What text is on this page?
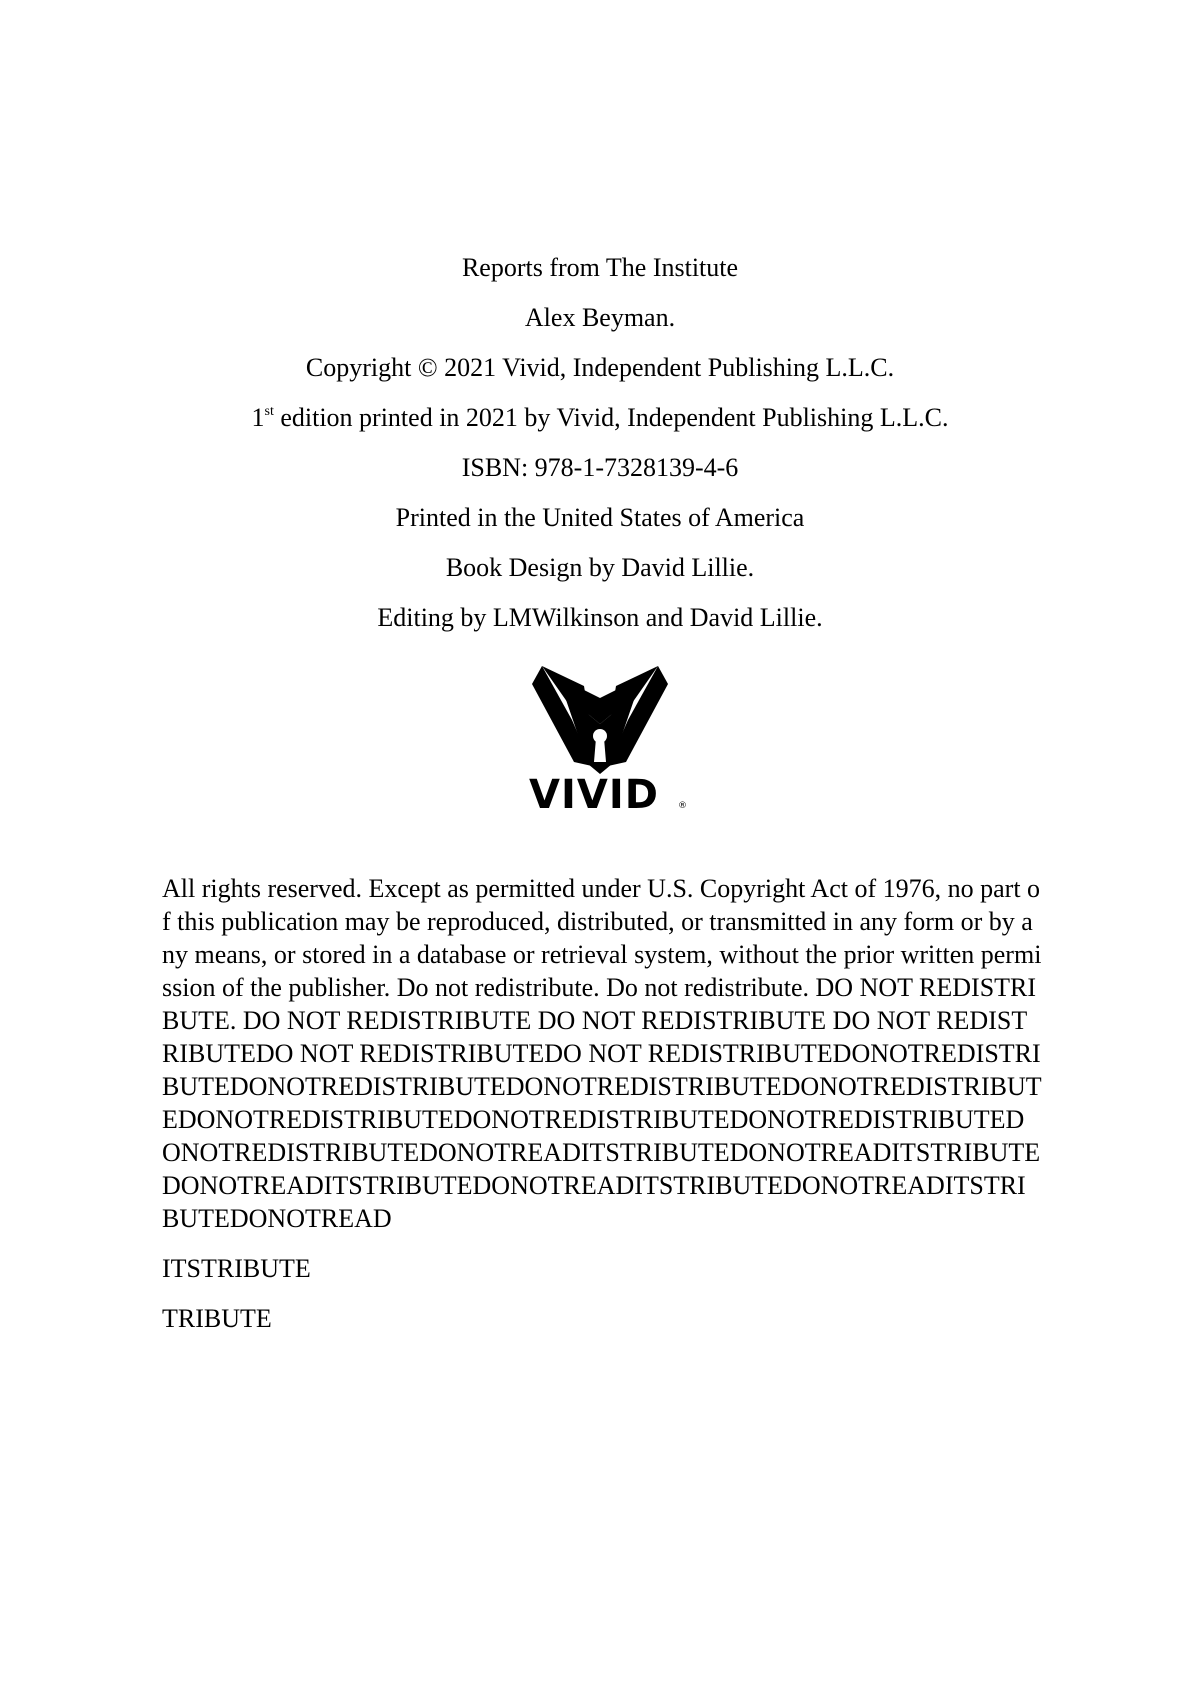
Reports from The Institute
Alex Beyman.
Copyright © 2021 Vivid, Independent Publishing L.L.C.
1st edition printed in 2021 by Vivid, Independent Publishing L.L.C.
ISBN: 978-1-7328139-4-6
Printed in the United States of America
Book Design by David Lillie.
Editing by LMWilkinson and David Lillie.
VIVID ®

All rights reserved. Except as permitted under U.S. Copyright Act of 1976, no part of this publication may be reproduced, distributed, or transmitted in any form or by any means, or stored in a database or retrieval system, without the prior written permission of the publisher. Do not redistribute. Do not redistribute. DO NOT REDISTRIBUTE. DO NOT REDISTRIBUTE DO NOT REDISTRIBUTE DO NOT REDISTRIBUTEDO NOT REDISTRIBUTEDO NOT REDISTRIBUTEDONOTREDISTRIBUTEDONOTREDISTRIBUTEDONOTREDISTRIBUTEDONOTREDISTRIBUTEDONOTREDISTRIBUTEDONOTREDISTRIBUTEDONOTREDISTRIBUTEDONOTREDISTRIBUTEDONOTREADITSTRIBUTEDONOTREADITSTRIBUTEDONOTREADITSTRIBUTEDONOTREADITSTRIBUTEDONOTREADITSTRIBUTEDONOTREAD

ITSTRIBUTE
TRIBUTE
